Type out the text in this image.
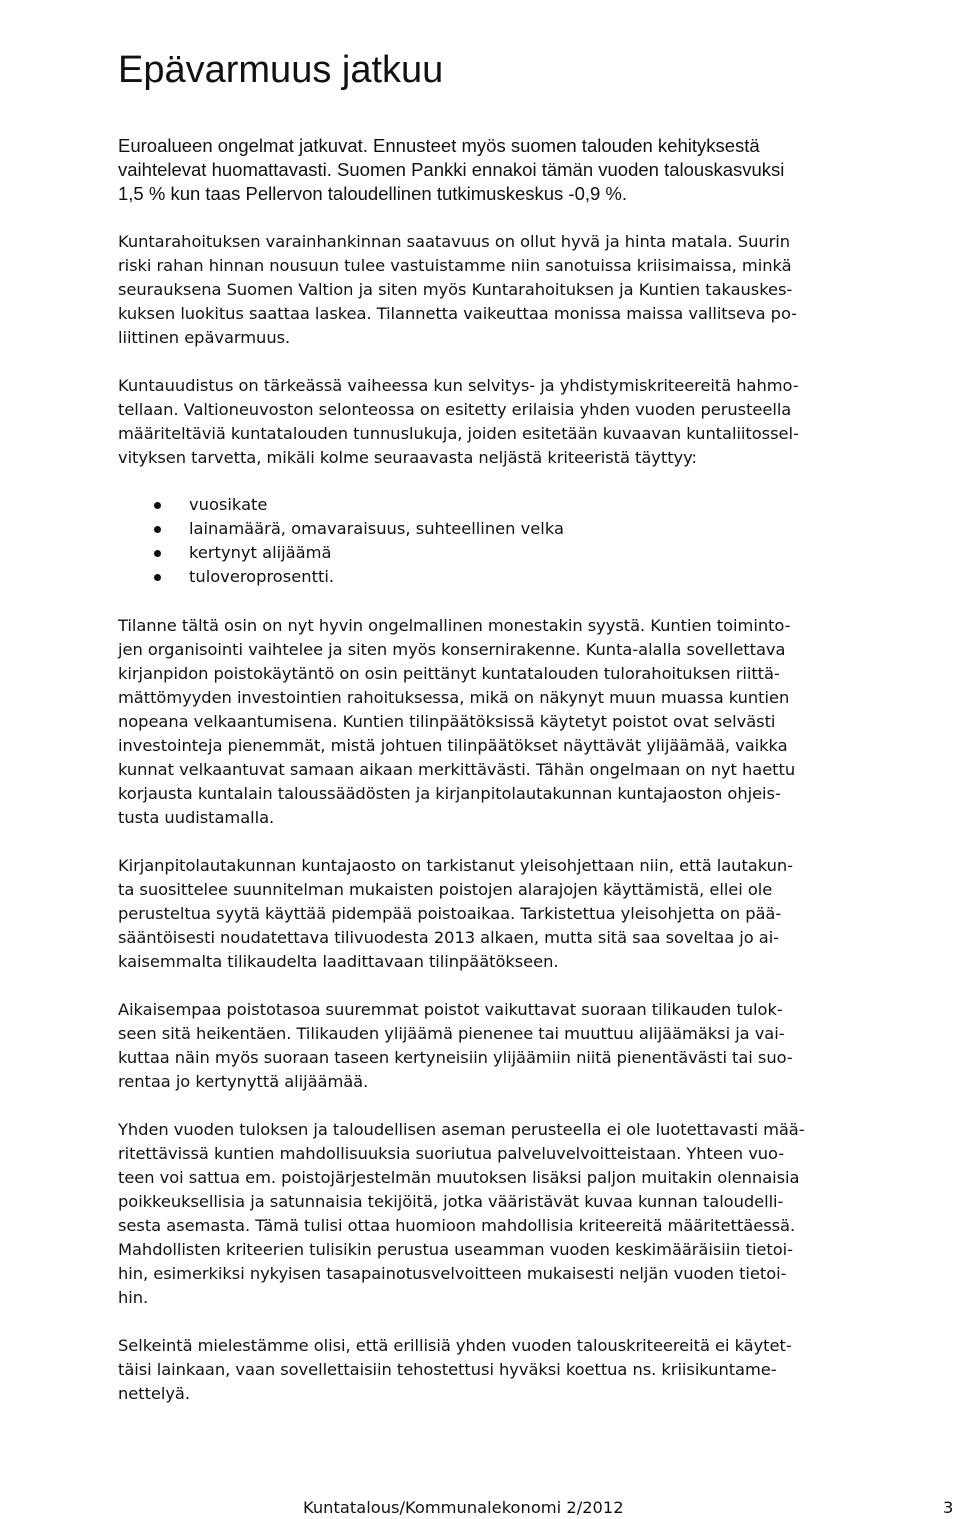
Epävarmuus jatkuu

Euroalueen ongelmat jatkuvat. Ennusteet myös suomen talouden kehityksestä
vaihtelevat huomattavasti. Suomen Pankki ennakoi tämän vuoden talouskasvuksi
1,5 % kun taas Pellervon taloudellinen tutkimuskeskus -0,9 %.

Kuntarahoituksen varainhankinnan saatavuus on ollut hyvä ja hinta matala. Suurin
riski rahan hinnan nousuun tulee vastuistamme niin sanotuissa kriisimaissa, minkä
seurauksena Suomen Valtion ja siten myös Kuntarahoituksen ja Kuntien takauskes-
kuksen luokitus saattaa laskea. Tilannetta vaikeuttaa monissa maissa vallitseva po-
liittinen epävarmuus.

Kuntauudistus on tärkeässä vaiheessa kun selvitys- ja yhdistymiskriteereitä hahmo-
tellaan. Valtioneuvoston selonteossa on esitetty erilaisia yhden vuoden perusteella
määriteltäviä kuntatalouden tunnuslukuja, joiden esitetään kuvaavan kuntaliitossel-
vityksen tarvetta, mikäli kolme seuraavasta neljästä kriteeristä täyttyy:

vuosikate
lainamäärä, omavaraisuus, suhteellinen velka
kertynyt alijäämä
tuloveroprosentti.

Tilanne tältä osin on nyt hyvin ongelmallinen monestakin syystä. Kuntien toiminto-
jen organisointi vaihtelee ja siten myös konsernirakenne. Kunta-alalla sovellettava
kirjanpidon poistokäytäntö on osin peittänyt kuntatalouden tulorahoituksen riittä-
mättömyyden investointien rahoituksessa, mikä on näkynyt muun muassa kuntien
nopeana velkaantumisena. Kuntien tilinpäätöksissä käytetyt poistot ovat selvästi
investointeja pienemmät, mistä johtuen tilinpäätökset näyttävät ylijäämää, vaikka
kunnat velkaantuvat samaan aikaan merkittävästi. Tähän ongelmaan on nyt haettu
korjausta kuntalain taloussäädösten ja kirjanpitolautakunnan kuntajaoston ohjeis-
tusta uudistamalla.

Kirjanpitolautakunnan kuntajaosto on tarkistanut yleisohjettaan niin, että lautakun-
ta suosittelee suunnitelman mukaisten poistojen alarajojen käyttämistä, ellei ole
perusteltua syytä käyttää pidempää poistoaikaa. Tarkistettua yleisohjetta on pää-
sääntöisesti noudatettava tilivuodesta 2013 alkaen, mutta sitä saa soveltaa jo ai-
kaisemmalta tilikaudelta laadittavaan tilinpäätökseen.

Aikaisempaa poistotasoa suuremmat poistot vaikuttavat suoraan tilikauden tulok-
seen sitä heikentäen. Tilikauden ylijäämä pienenee tai muuttuu alijäämäksi ja vai-
kuttaa näin myös suoraan taseen kertyneisiin ylijäämiin niitä pienentävästi tai suo-
rentaa jo kertynyttä alijäämää.

Yhden vuoden tuloksen ja taloudellisen aseman perusteella ei ole luotettavasti mää-
ritettävissä kuntien mahdollisuuksia suoriutua palveluvelvoitteistaan. Yhteen vuo-
teen voi sattua em. poistojärjestelmän muutoksen lisäksi paljon muitakin olennaisia
poikkeuksellisia ja satunnaisia tekijöitä, jotka vääristävät kuvaa kunnan taloudelli-
sesta asemasta. Tämä tulisi ottaa huomioon mahdollisia kriteereitä määritettäessä.
Mahdollisten kriteerien tulisikin perustua useamman vuoden keskimääräisiin tietoi-
hin, esimerkiksi nykyisen tasapainotusvelvoitteen mukaisesti neljän vuoden tietoi-
hin.

Selkeintä mielestämme olisi, että erillisiä yhden vuoden talouskriteereitä ei käytet-
täisi lainkaan, vaan sovellettaisiin tehostettusi hyväksi koettua ns. kriisikuntame-
nettelyä.

Kuntatalous/Kommunalekonomi 2/2012	3
